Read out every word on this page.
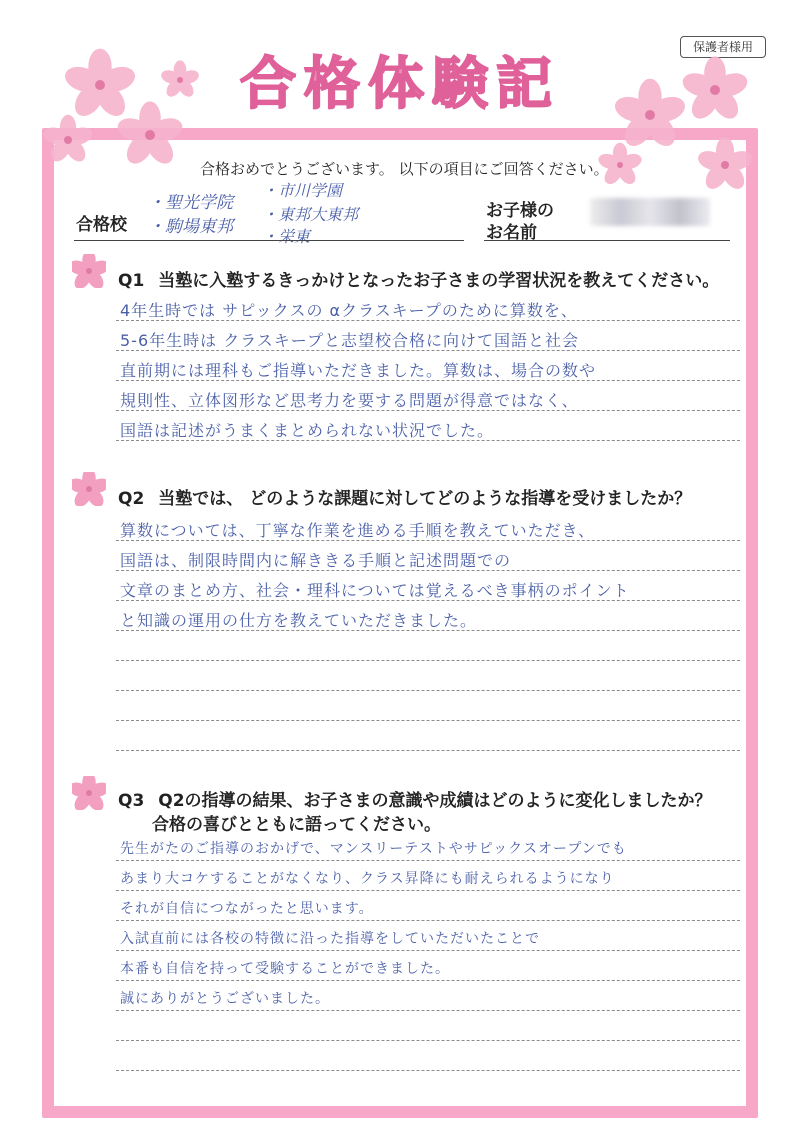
保護者様用
合格体験記
合格おめでとうございます。 以下の項目にご回答ください。
合格校
・聖光学院
・駒場東邦
・市川学園
・東邦大東邦
・栄東
お子様の
お名前
Q1 当塾に入塾するきっかけとなったお子さまの学習状況を教えてください。
4年生時では サピックスの αクラスキープのために算数を、
5-6年生時は クラスキープと志望校合格に向けて国語と社会
直前期には理科もご指導いただきました。算数は、場合の数や
規則性、立体図形など思考力を要する問題が得意ではなく、
国語は記述がうまくまとめられない状況でした。
Q2 当塾では、 どのような課題に対してどのような指導を受けましたか？
算数については、丁寧な作業を進める手順を教えていただき、
国語は、制限時間内に解ききる手順と記述問題での
文章のまとめ方、社会・理科については覚えるべき事柄のポイント
と知識の運用の仕方を教えていただきました。
Q3 Q2の指導の結果、お子さまの意識や成績はどのように変化しましたか？
合格の喜びとともに語ってください。
先生がたのご指導のおかげで、マンスリーテストやサピックスオープンでも
あまり大コケすることがなくなり、クラス昇降にも耐えられるようになり
それが自信につながったと思います。
入試直前には各校の特徴に沿った指導をしていただいたことで
本番も自信を持って受験することができました。
誠にありがとうございました。
